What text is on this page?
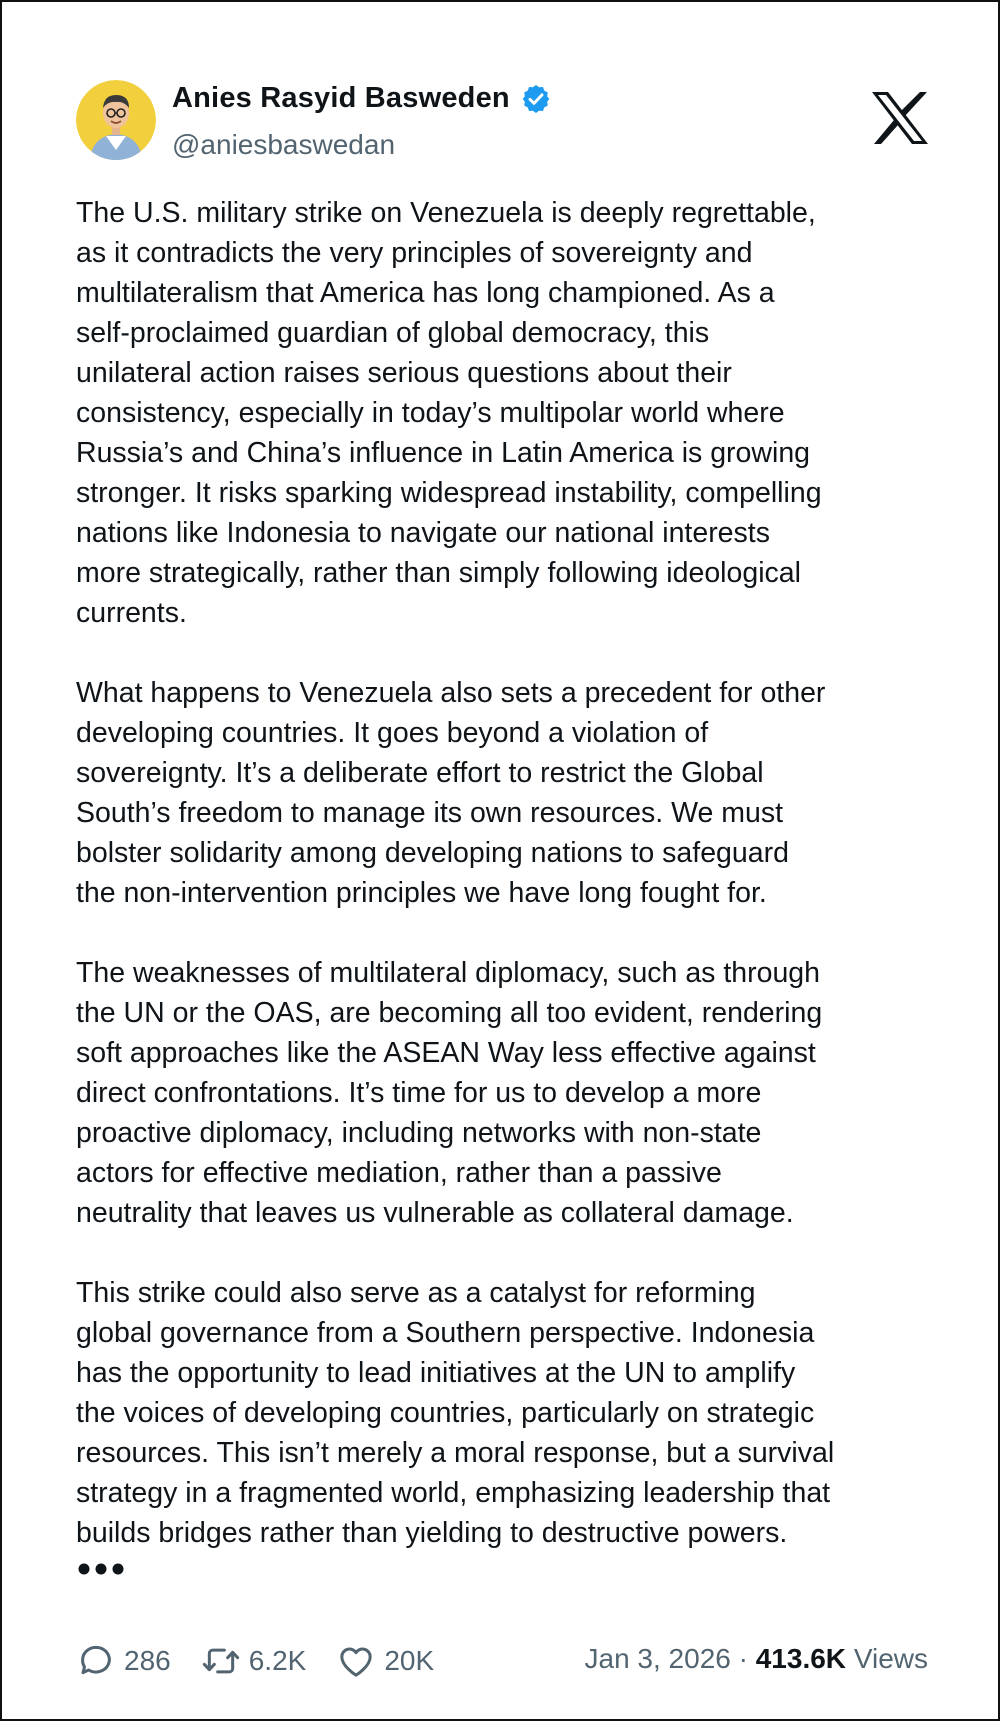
Anies Rasyid Basweden
@aniesbaswedan
The U.S. military strike on Venezuela is deeply regrettable,
as it contradicts the very principles of sovereignty and
multilateralism that America has long championed. As a
self-proclaimed guardian of global democracy, this
unilateral action raises serious questions about their
consistency, especially in today’s multipolar world where
Russia’s and China’s influence in Latin America is growing
stronger. It risks sparking widespread instability, compelling
nations like Indonesia to navigate our national interests
more strategically, rather than simply following ideological
currents.
What happens to Venezuela also sets a precedent for other
developing countries. It goes beyond a violation of
sovereignty. It’s a deliberate effort to restrict the Global
South’s freedom to manage its own resources. We must
bolster solidarity among developing nations to safeguard
the non-intervention principles we have long fought for.
The weaknesses of multilateral diplomacy, such as through
the UN or the OAS, are becoming all too evident, rendering
soft approaches like the ASEAN Way less effective against
direct confrontations. It’s time for us to develop a more
proactive diplomacy, including networks with non-state
actors for effective mediation, rather than a passive
neutrality that leaves us vulnerable as collateral damage.
This strike could also serve as a catalyst for reforming
global governance from a Southern perspective. Indonesia
has the opportunity to lead initiatives at the UN to amplify
the voices of developing countries, particularly on strategic
resources. This isn’t merely a moral response, but a survival
strategy in a fragmented world, emphasizing leadership that
builds bridges rather than yielding to destructive powers.
286	6.2K	20K	Jan 3, 2026 · 413.6K Views
